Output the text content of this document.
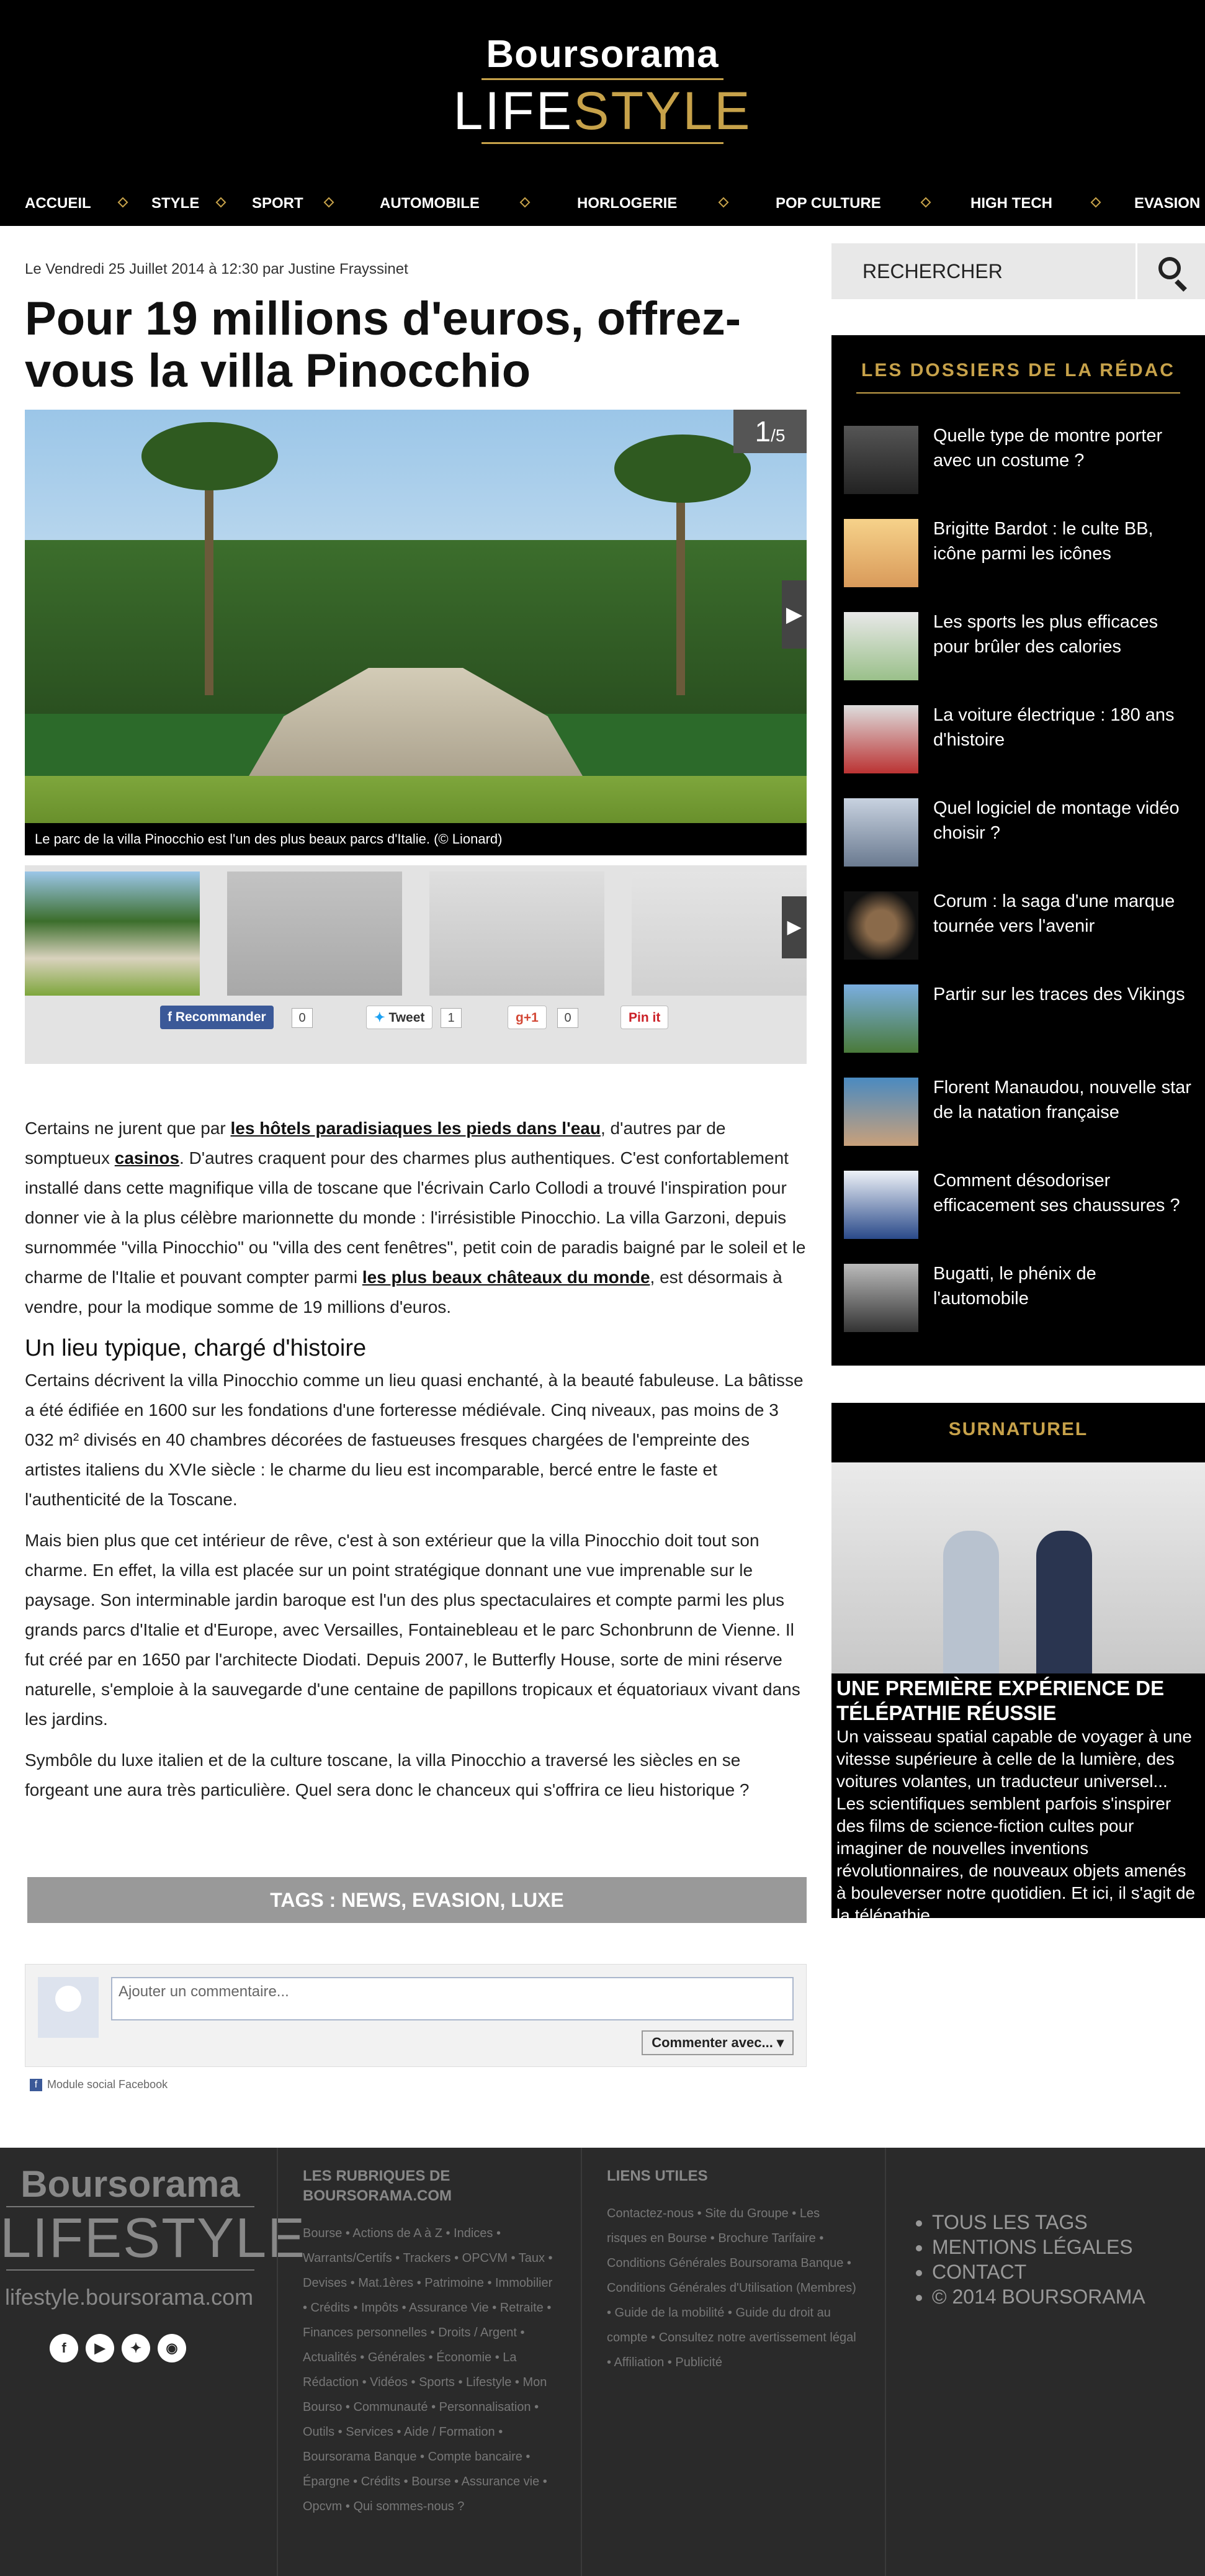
Boursorama
LIFESTYLE
ACCUEIL	STYLE	SPORT	AUTOMOBILE	HORLOGERIE	POP CULTURE	HIGH TECH	EVASION
Le Vendredi 25 Juillet 2014 à 12:30 par Justine Frayssinet
Pour 19 millions d'euros, offrez-vous la villa Pinocchio
1/5
▶
Le parc de la villa Pinocchio est l'un des plus beaux parcs d'Italie. (© Lionard)
▶
f Recommander	0	✦ Tweet	1	g+1	0	Pin it

Certains ne jurent que par les hôtels paradisiaques les pieds dans l'eau, d'autres par de somptueux casinos. D'autres craquent pour des charmes plus authentiques. C'est confortablement installé dans cette magnifique villa de toscane que l'écrivain Carlo Collodi a trouvé l'inspiration pour donner vie à la plus célèbre marionnette du monde : l'irrésistible Pinocchio. La villa Garzoni, depuis surnommée "villa Pinocchio" ou "villa des cent fenêtres", petit coin de paradis baigné par le soleil et le charme de l'Italie et pouvant compter parmi les plus beaux châteaux du monde, est désormais à vendre, pour la modique somme de 19 millions d'euros.

Un lieu typique, chargé d'histoire

Certains décrivent la villa Pinocchio comme un lieu quasi enchanté, à la beauté fabuleuse. La bâtisse a été édifiée en 1600 sur les fondations d'une forteresse médiévale. Cinq niveaux, pas moins de 3 032 m² divisés en 40 chambres décorées de fastueuses fresques chargées de l'empreinte des artistes italiens du XVIe siècle : le charme du lieu est incomparable, bercé entre le faste et l'authenticité de la Toscane.

Mais bien plus que cet intérieur de rêve, c'est à son extérieur que la villa Pinocchio doit tout son charme. En effet, la villa est placée sur un point stratégique donnant une vue imprenable sur le paysage. Son interminable jardin baroque est l'un des plus spectaculaires et compte parmi les plus grands parcs d'Italie et d'Europe, avec Versailles, Fontainebleau et le parc Schonbrunn de Vienne. Il fut créé par en 1650 par l'architecte Diodati. Depuis 2007, le Butterfly House, sorte de mini réserve naturelle, s'emploie à la sauvegarde d'une centaine de papillons tropicaux et équatoriaux vivant dans les jardins.

Symbôle du luxe italien et de la culture toscane, la villa Pinocchio a traversé les siècles en se forgeant une aura très particulière. Quel sera donc le chanceux qui s'offrira ce lieu historique ?

TAGS : NEWS, EVASION, LUXE
Ajouter un commentaire...
Commenter avec... ▾
f Module social Facebook
RECHERCHER
LES DOSSIERS DE LA RÉDAC
Quelle type de montre porter avec un costume ?
Brigitte Bardot : le culte BB, icône parmi les icônes
Les sports les plus efficaces pour brûler des calories
La voiture électrique : 180 ans d'histoire
Quel logiciel de montage vidéo choisir ?
Corum : la saga d'une marque tournée vers l'avenir
Partir sur les traces des Vikings
Florent Manaudou, nouvelle star de la natation française
Comment désodoriser efficacement ses chaussures ?
Bugatti, le phénix de l'automobile
SURNATUREL
UNE PREMIÈRE EXPÉRIENCE DE TÉLÉPATHIE RÉUSSIE
Un vaisseau spatial capable de voyager à une vitesse supérieure à celle de la lumière, des voitures volantes, un traducteur universel... Les scientifiques semblent parfois s'inspirer des films de science-fiction cultes pour imaginer de nouvelles inventions révolutionnaires, de nouveaux objets amenés à bouleverser notre quotidien. Et ici, il s'agit de la télépathie.
Boursorama
LIFESTYLE
lifestyle.boursorama.com
f ▶ ✦ ◉
LES RUBRIQUES DE BOURSORAMA.COM

Bourse • Actions de A à Z • Indices • Warrants/Certifs • Trackers • OPCVM • Taux • Devises • Mat.1ères • Patrimoine • Immobilier • Crédits • Impôts • Assurance Vie • Retraite • Finances personnelles • Droits / Argent • Actualités • Générales • Économie • La Rédaction • Vidéos • Sports • Lifestyle • Mon Bourso • Communauté • Personnalisation • Outils • Services • Aide / Formation • Boursorama Banque • Compte bancaire • Épargne • Crédits • Bourse • Assurance vie • Opcvm • Qui sommes-nous ?

LIENS UTILES

Contactez-nous • Site du Groupe • Les risques en Bourse • Brochure Tarifaire • Conditions Générales Boursorama Banque • Conditions Générales d'Utilisation (Membres) • Guide de la mobilité • Guide du droit au compte • Consultez notre avertissement légal • Affiliation • Publicité

• TOUS LES TAGS
• MENTIONS LÉGALES
• CONTACT
• © 2014 BOURSORAMA
